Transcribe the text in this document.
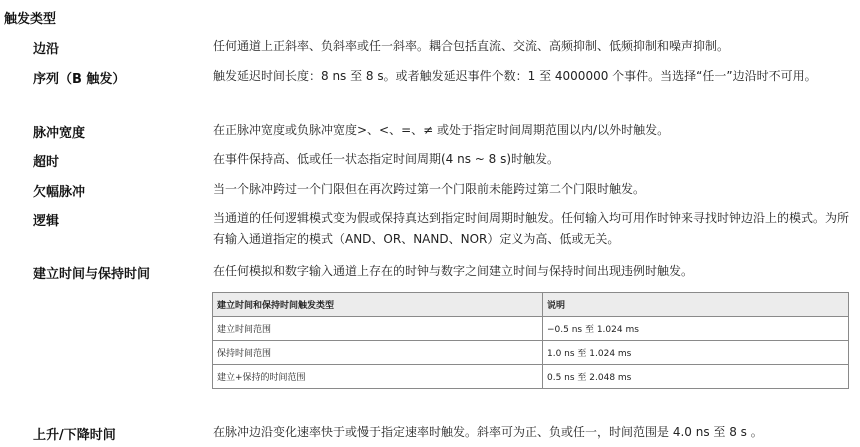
触发类型
边沿	任何通道上正斜率、负斜率或任一斜率。耦合包括直流、交流、高频抑制、低频抑制和噪声抑制。
序列（B 触发）	触发延迟时间长度：8 ns 至 8 s。或者触发延迟事件个数：1 至 4000000 个事件。当选择“任一”边沿时不可用。
脉冲宽度	在正脉冲宽度或负脉冲宽度>、<、=、≠ 或处于指定时间周期范围以内/以外时触发。
超时	在事件保持高、低或任一状态指定时间周期(4 ns ~ 8 s)时触发。
欠幅脉冲	当一个脉冲跨过一个门限但在再次跨过第一个门限前未能跨过第二个门限时触发。
逻辑	当通道的任何逻辑模式变为假或保持真达到指定时间周期时触发。任何输入均可用作时钟来寻找时钟边沿上的模式。为所有输入通道指定的模式（AND、OR、NAND、NOR）定义为高、低或无关。
建立时间与保持时间	在任何模拟和数字输入通道上存在的时钟与数字之间建立时间与保持时间出现违例时触发。
建立时间和保持时间触发类型	说明
建立时间范围	−0.5 ns 至 1.024 ms
保持时间范围	1.0 ns 至 1.024 ms
建立+保持的时间范围	0.5 ns 至 2.048 ms
上升/下降时间	在脉冲边沿变化速率快于或慢于指定速率时触发。斜率可为正、负或任一，时间范围是 4.0 ns 至 8 s 。
